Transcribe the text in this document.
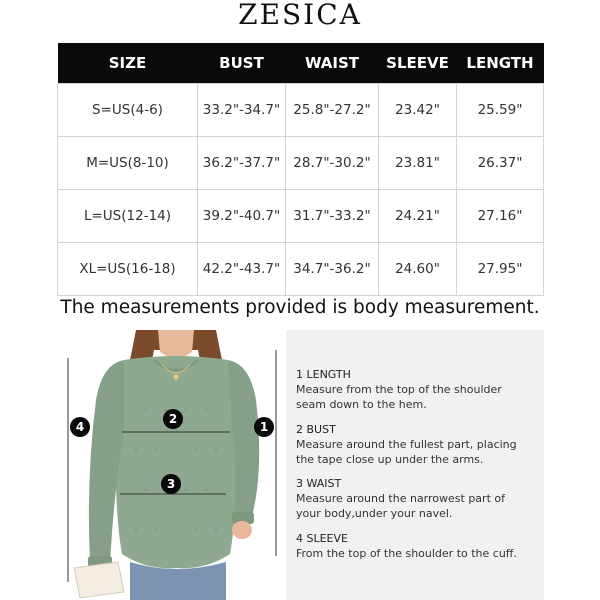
ZESICA
SIZE	BUST	WAIST	SLEEVE	LENGTH
S=US(4-6)	33.2"-34.7"	25.8"-27.2"	23.42"	25.59"
M=US(8-10)	36.2"-37.7"	28.7"-30.2"	23.81"	26.37"
L=US(12-14)	39.2"-40.7"	31.7"-33.2"	24.21"	27.16"
XL=US(16-18)	42.2"-43.7"	34.7"-36.2"	24.60"	27.95"
The measurements provided is body measurement.
4
2
1
3
1 LENGTH
Measure from the top of the shoulder
seam down to the hem.
2 BUST
Measure around the fullest part, placing
the tape close up under the arms.
3 WAIST
Measure around the narrowest part of
your body,under your navel.
4 SLEEVE
From the top of the shoulder to the cuff.
